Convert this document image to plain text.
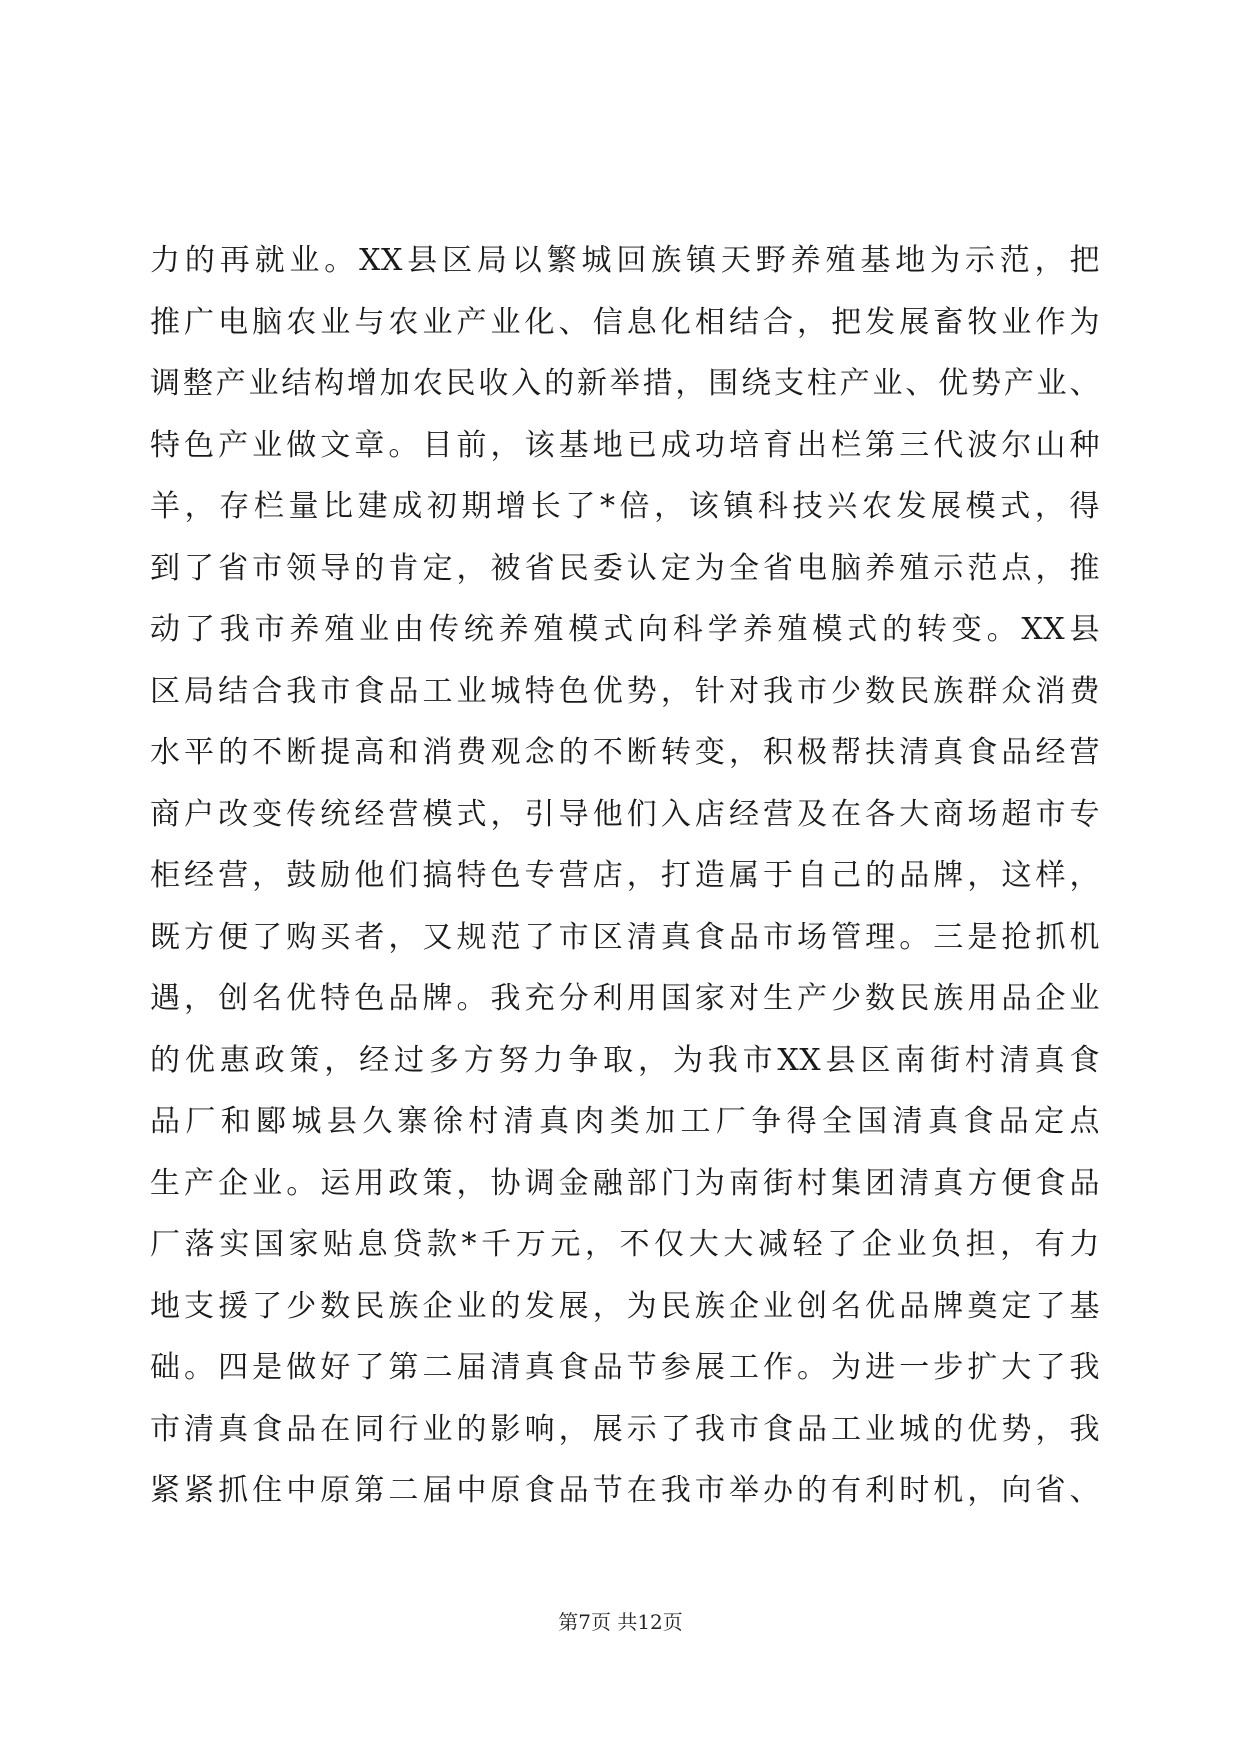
力的再就业。XX县区局以繁城回族镇天野养殖基地为示范，把
推广电脑农业与农业产业化、信息化相结合，把发展畜牧业作为
调整产业结构增加农民收入的新举措，围绕支柱产业、优势产业、
特色产业做文章。目前，该基地已成功培育出栏第三代波尔山种
羊，存栏量比建成初期增长了*倍，该镇科技兴农发展模式，得
到了省市领导的肯定，被省民委认定为全省电脑养殖示范点，推
动了我市养殖业由传统养殖模式向科学养殖模式的转变。XX县
区局结合我市食品工业城特色优势，针对我市少数民族群众消费
水平的不断提高和消费观念的不断转变，积极帮扶清真食品经营
商户改变传统经营模式，引导他们入店经营及在各大商场超市专
柜经营，鼓励他们搞特色专营店，打造属于自己的品牌，这样，
既方便了购买者，又规范了市区清真食品市场管理。三是抢抓机
遇，创名优特色品牌。我充分利用国家对生产少数民族用品企业
的优惠政策，经过多方努力争取，为我市XX县区南街村清真食
品厂和郾城县久寨徐村清真肉类加工厂争得全国清真食品定点
生产企业。运用政策，协调金融部门为南街村集团清真方便食品
厂落实国家贴息贷款*千万元，不仅大大减轻了企业负担，有力
地支援了少数民族企业的发展，为民族企业创名优品牌奠定了基
础。四是做好了第二届清真食品节参展工作。为进一步扩大了我
市清真食品在同行业的影响，展示了我市食品工业城的优势，我
紧紧抓住中原第二届中原食品节在我市举办的有利时机，向省、
第7页 共12页
